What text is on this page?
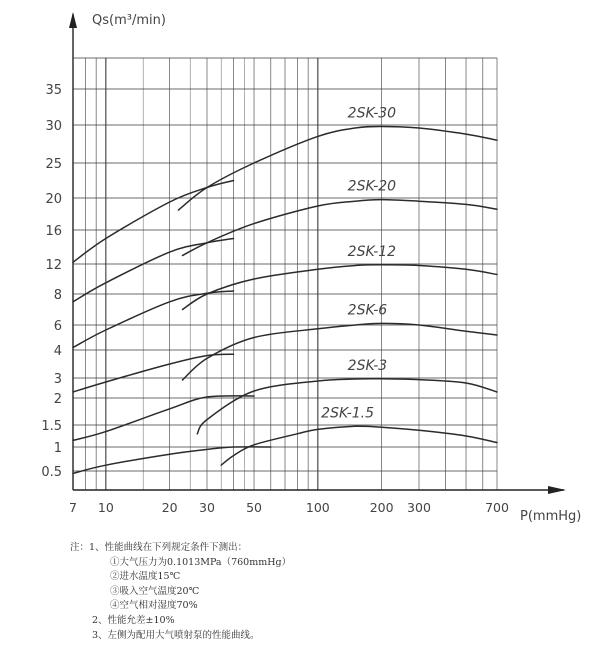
7 10	20 30 50	100	200 300	700
0.5
1
1.5
2
3
4
6
8
12
16
20
25
30
35
2SK-30
2SK-20
2SK-12
2SK-6
2SK-3
2SK-1.5
Qs(m³/min)
P(mmHg)
注：1、性能曲线在下列规定条件下测出：
①大气压力为0.1013MPa（760mmHg）
②进水温度15℃
③吸入空气温度20℃
④空气相对湿度70%
2、性能允差±10%
3、左侧为配用大气喷射泵的性能曲线。
